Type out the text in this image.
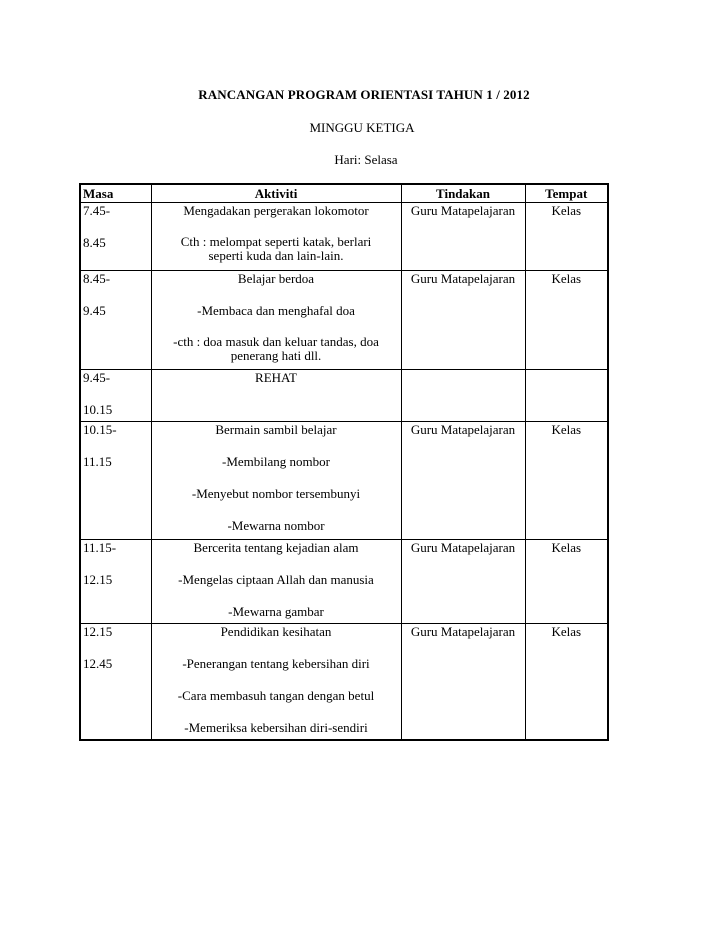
RANCANGAN PROGRAM ORIENTASI TAHUN 1 / 2012
MINGGU KETIGA
Hari: Selasa
Masa	Aktiviti	Tindakan	Tempat

7.45-
8.45	Mengadakan pergerakan lokomotor
Cth : melompat seperti katak, berlari
seperti kuda dan lain-lain.	Guru Matapelajaran	Kelas

8.45-
9.45	Belajar berdoa
-Membaca dan menghafal doa
-cth : doa masuk dan keluar tandas, doa
penerang hati dll.	Guru Matapelajaran	Kelas

9.45-
10.15	REHAT		

10.15-
11.15	Bermain sambil belajar
-Membilang nombor
-Menyebut nombor tersembunyi
-Mewarna nombor	Guru Matapelajaran	Kelas

11.15-
12.15	Bercerita tentang kejadian alam
-Mengelas ciptaan Allah dan manusia
-Mewarna gambar	Guru Matapelajaran	Kelas

12.15
12.45	Pendidikan kesihatan
-Penerangan tentang kebersihan diri
-Cara membasuh tangan dengan betul
-Memeriksa kebersihan diri-sendiri	Guru Matapelajaran	Kelas
